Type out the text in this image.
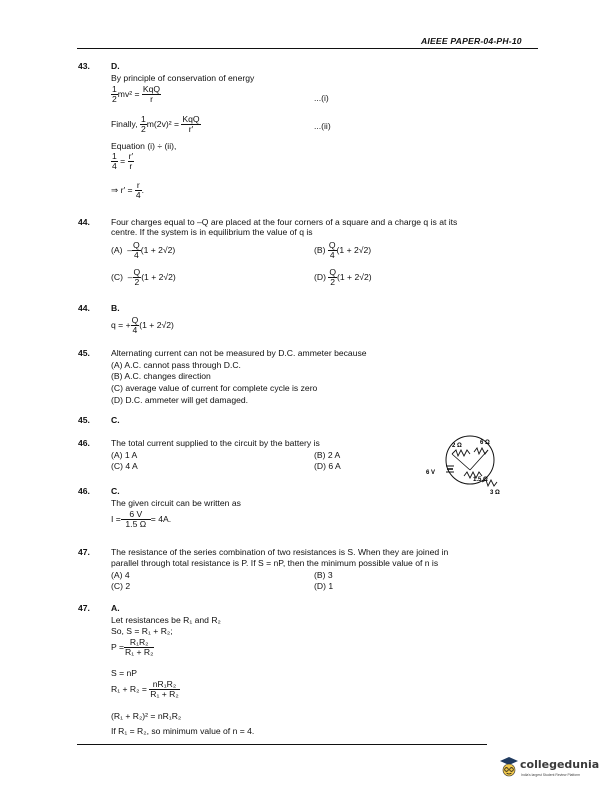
AIEEE PAPER-04-PH-10
43. D.
By principle of conservation of energy
$\frac{1}{2} mv^2$ =
$\frac{\text{KqQ}}{r}$	...(i)
Finally,
$\frac{1}{2} m(2v)^2$ =
$\frac{\text{KqQ}}{r'}$	...(ii)
Equation (i) ÷ (ii),
$\frac{1}{4}$
=
$\frac{r'}{r}$
⇒ r′ =
$\frac{r}{4}$ .
44. Four charges equal to –Q are placed at the four corners of a square and a charge q is at its
centre. If the system is in equilibrium the value of q is
(A)
– $\frac{Q}{4} (1 + 2√2)$	(B)
$\frac{Q}{4} (1 + 2√2)$
(C)
– $\frac{Q}{2} (1 + 2√2)$	(D)
$\frac{Q}{2} (1 + 2√2)$
44. B.
q = + $\frac{Q}{4} (1 + 2√2)$
45. Alternating current can not be measured by D.C. ammeter because
(A) A.C. cannot pass through D.C.
(B) A.C. changes direction
(C) average value of current for complete cycle is zero
(D) D.C. ammeter will get damaged.
45. C.
46. The total current supplied to the circuit by the battery is
(A) 1 A	(B) 2 A
(C) 4 A	(D) 6 A
6 V
2 Ω	6 Ω
1.5 Ω
3 Ω
46. C.
The given circuit can be written as
$I = \frac{6 V}{1.5 \Omega} = 4A$.
47. The resistance of the series combination of two resistances is S. When they are joined in
parallel through total resistance is P. If S = nP, then the minimum possible value of n is
(A) 4	(B) 3
(C) 2	(D) 1
47. A.
Let resistances be R₁ and R₂
So, S = R₁ + R₂;
$P = \frac{\text{R₁R₂}}{\text{R₁ + R₂}}$
S = nP
R₁ + R₂ =
$\frac{\text{nR₁R₂}}{\text{R₁ + R₂}}$
(R₁ + R₂)² = nR₁R₂
If R₁ = R₂, so minimum value of n = 4.
collegedunia
India's largest Student Review Platform
